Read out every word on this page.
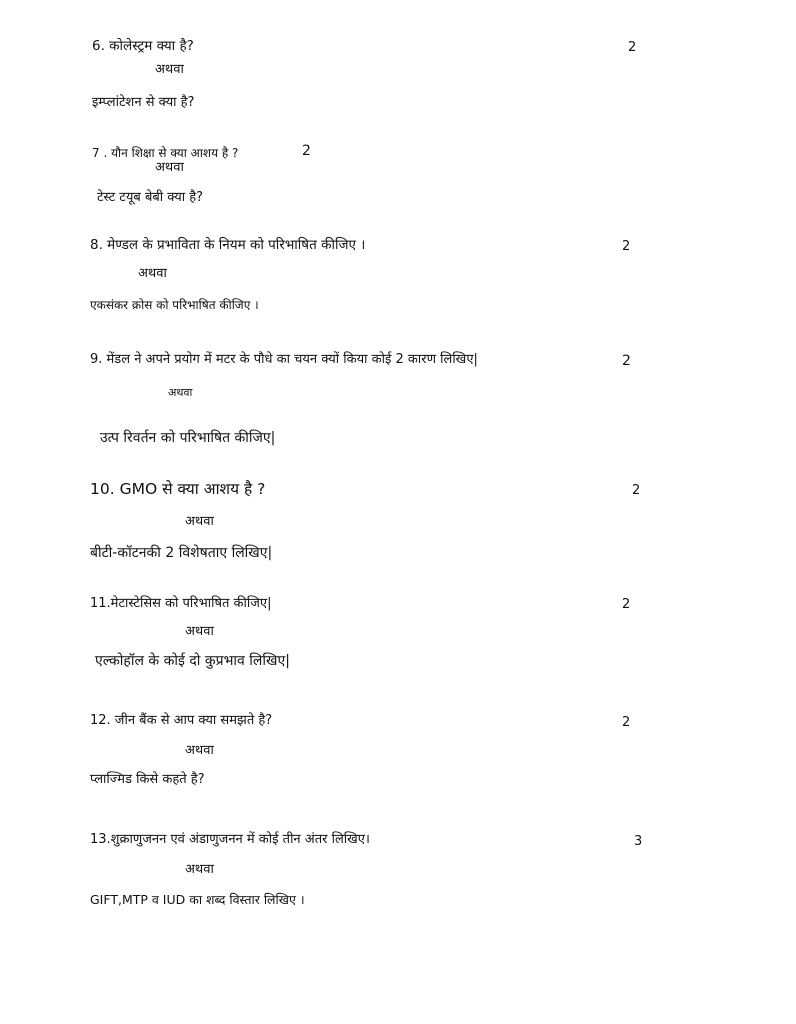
6. कोलेस्ट्रम क्या है?	2
अथवा
इम्प्लांटेशन से क्या है?
7 . यौन शिक्षा से क्या आशय है ?	2
अथवा
टेस्ट टयूब बेबी क्या है?
8. मेण्डल के प्रभाविता के नियम को परिभाषित कीजिए ।	2
अथवा
एकसंकर क्रोस को परिभाषित कीजिए ।
9. मेंडल ने अपने प्रयोग में मटर के पौधे का चयन क्यों किया कोई 2 कारण लिखिए|	2
अथवा
उत्प रिवर्तन को परिभाषित कीजिए|
10. GMO से क्या आशय है ?	2
अथवा
बीटी-कॉटनकी 2 विशेषताए लिखिए|
11.मेटास्टेसिस को परिभाषित कीजिए|	2
अथवा
एल्कोहॉल के कोई दो कुप्रभाव लिखिए|
12. जीन बैंक से आप क्या समझते है?	2
अथवा
प्लाज्मिड किसे कहते है?
13.शुक्राणुजनन एवं अंडाणुजनन में कोई तीन अंतर लिखिए।	3
अथवा
GIFT,MTP व IUD का शब्द विस्तार लिखिए ।
